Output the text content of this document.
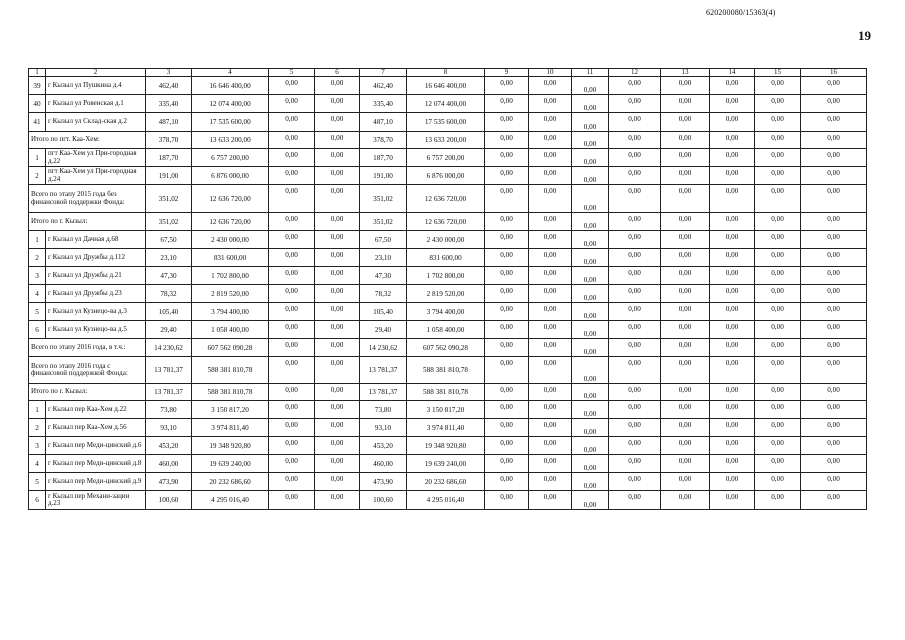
620200080/15363(4)
19
1	2	3	4	5	6	7	8	9	10	11	12	13	14	15	16
39	г Кызыл ул Пушкина д.4	462,40	16 646 400,00	0,00	0,00	462,40	16 646 400,00	0,00	0,00	0,00	0,00	0,00	0,00	0,00	0,00
40	г Кызыл ул Ровенская д.1	335,40	12 074 400,00	0,00	0,00	335,40	12 074 400,00	0,00	0,00	0,00	0,00	0,00	0,00	0,00	0,00
41	г Кызыл ул Склад-ская д.2	487,10	17 535 600,00	0,00	0,00	487,10	17 535 600,00	0,00	0,00	0,00	0,00	0,00	0,00	0,00	0,00
Итого по пгт. Каа-Хем:		378,70	13 633 200,00	0,00	0,00	378,70	13 633 200,00	0,00	0,00	0,00	0,00	0,00	0,00	0,00	0,00
1	пгт Каа-Хем ул При-городная д.22	187,70	6 757 200,00	0,00	0,00	187,70	6 757 200,00	0,00	0,00	0,00	0,00	0,00	0,00	0,00	0,00
2	пгт Каа-Хем ул При-городная д.24	191,00	6 876 000,00	0,00	0,00	191,00	6 876 000,00	0,00	0,00	0,00	0,00	0,00	0,00	0,00	0,00
Всего по этапу 2015 года без финансовой поддержки Фонда:		351,02	12 636 720,00	0,00	0,00	351,02	12 636 720,00	0,00	0,00	0,00	0,00	0,00	0,00	0,00	0,00
Итого по г. Кызыл:		351,02	12 636 720,00	0,00	0,00	351,02	12 636 720,00	0,00	0,00	0,00	0,00	0,00	0,00	0,00	0,00
1	г Кызыл ул Дачная д.68	67,50	2 430 000,00	0,00	0,00	67,50	2 430 000,00	0,00	0,00	0,00	0,00	0,00	0,00	0,00	0,00
2	г Кызыл ул Дружбы д.112	23,10	831 600,00	0,00	0,00	23,10	831 600,00	0,00	0,00	0,00	0,00	0,00	0,00	0,00	0,00
3	г Кызыл ул Дружбы д.21	47,30	1 702 800,00	0,00	0,00	47,30	1 702 800,00	0,00	0,00	0,00	0,00	0,00	0,00	0,00	0,00
4	г Кызыл ул Дружбы д.23	78,32	2 819 520,00	0,00	0,00	78,32	2 819 520,00	0,00	0,00	0,00	0,00	0,00	0,00	0,00	0,00
5	г Кызыл ул Кузнецо-ва д.3	105,40	3 794 400,00	0,00	0,00	105,40	3 794 400,00	0,00	0,00	0,00	0,00	0,00	0,00	0,00	0,00
6	г Кызыл ул Кузнецо-ва д.5	29,40	1 058 400,00	0,00	0,00	29,40	1 058 400,00	0,00	0,00	0,00	0,00	0,00	0,00	0,00	0,00
Всего по этапу 2016 года, в т.ч.:		14 230,62	607 562 090,28	0,00	0,00	14 230,62	607 562 090,28	0,00	0,00	0,00	0,00	0,00	0,00	0,00	0,00
Всего по этапу 2016 года с финансовой поддержкой Фонда:		13 781,37	588 381 810,78	0,00	0,00	13 781,37	588 381 810,78	0,00	0,00	0,00	0,00	0,00	0,00	0,00	0,00
Итого по г. Кызыл:		13 781,37	588 381 810,78	0,00	0,00	13 781,37	588 381 810,78	0,00	0,00	0,00	0,00	0,00	0,00	0,00	0,00
1	г Кызыл пер Каа-Хем д.22	73,80	3 150 817,20	0,00	0,00	73,80	3 150 817,20	0,00	0,00	0,00	0,00	0,00	0,00	0,00	0,00
2	г Кызыл пер Каа-Хем д.56	93,10	3 974 811,40	0,00	0,00	93,10	3 974 811,40	0,00	0,00	0,00	0,00	0,00	0,00	0,00	0,00
3	г Кызыл пер Меди-цинский д.6	453,20	19 348 920,80	0,00	0,00	453,20	19 348 920,80	0,00	0,00	0,00	0,00	0,00	0,00	0,00	0,00
4	г Кызыл пер Меди-цинский д.8	460,00	19 639 240,00	0,00	0,00	460,00	19 639 240,00	0,00	0,00	0,00	0,00	0,00	0,00	0,00	0,00
5	г Кызыл пер Меди-цинский д.9	473,90	20 232 686,60	0,00	0,00	473,90	20 232 686,60	0,00	0,00	0,00	0,00	0,00	0,00	0,00	0,00
6	г Кызыл пер Механи-зации д.23	100,60	4 295 016,40	0,00	0,00	100,60	4 295 016,40	0,00	0,00	0,00	0,00	0,00	0,00	0,00	0,00
